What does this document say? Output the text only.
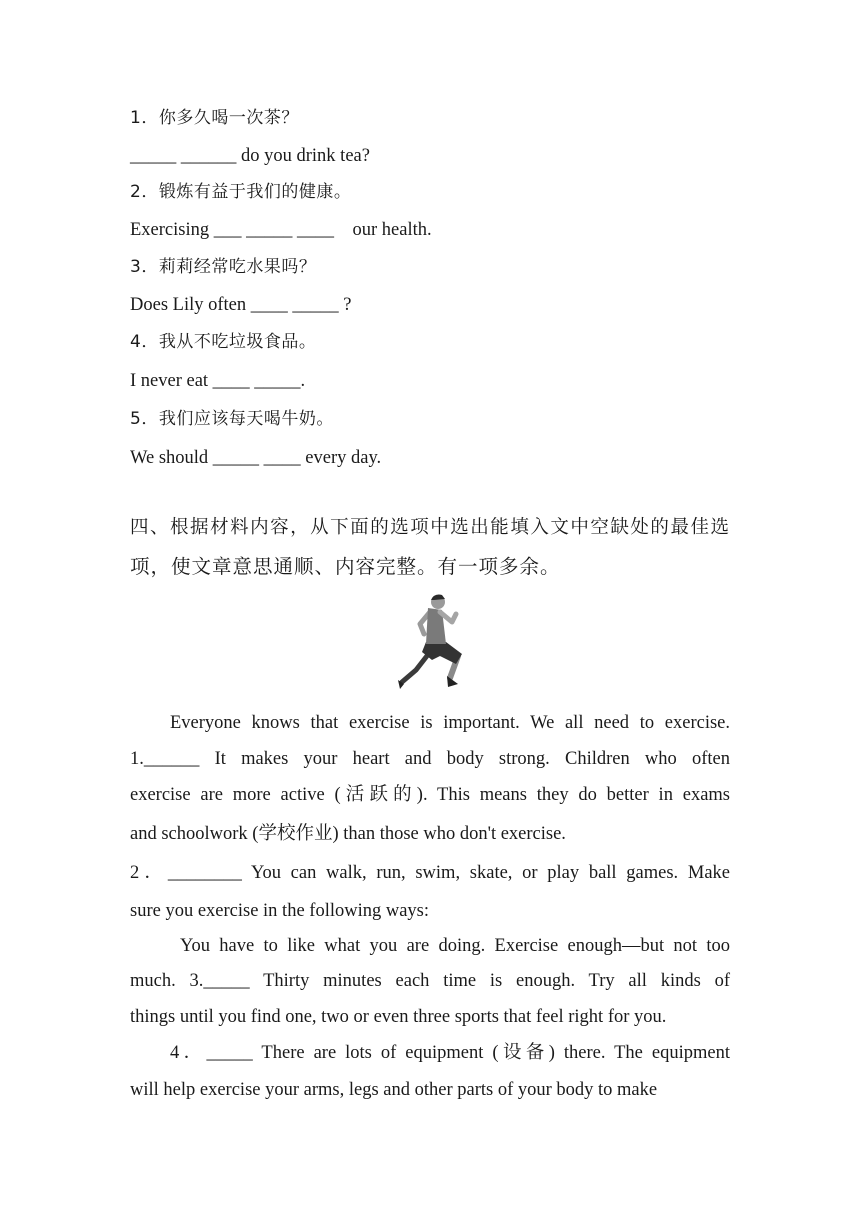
1．你多久喝一次茶？
_____ ______ do you drink tea?
2．锻炼有益于我们的健康。
Exercising ___ _____ ____    our health.
3．莉莉经常吃水果吗？
Does Lily often ____ _____ ?
4．我从不吃垃圾食品。
I never eat ____ _____.
5．我们应该每天喝牛奶。
We should _____ ____ every day.
四、根据材料内容，从下面的选项中选出能填入文中空缺处的最佳选
项，使文章意思通顺、内容完整。有一项多余。
Everyone knows that exercise is important. We all need to exercise.
1.______ It makes your heart and body strong. Children who often
exercise are more active (活跃的). This means they do better in exams
and schoolwork (学校作业) than those who don't exercise.
2．________ You can walk, run, swim, skate, or play ball games. Make
sure you exercise in the following ways:
You have to like what you are doing. Exercise enough—but not too
much. 3._____ Thirty minutes each time is enough. Try all kinds of
things until you find one, two or even three sports that feel right for you.
4．_____ There are lots of equipment (设备) there. The equipment
will help exercise your arms, legs and other parts of your body to make
